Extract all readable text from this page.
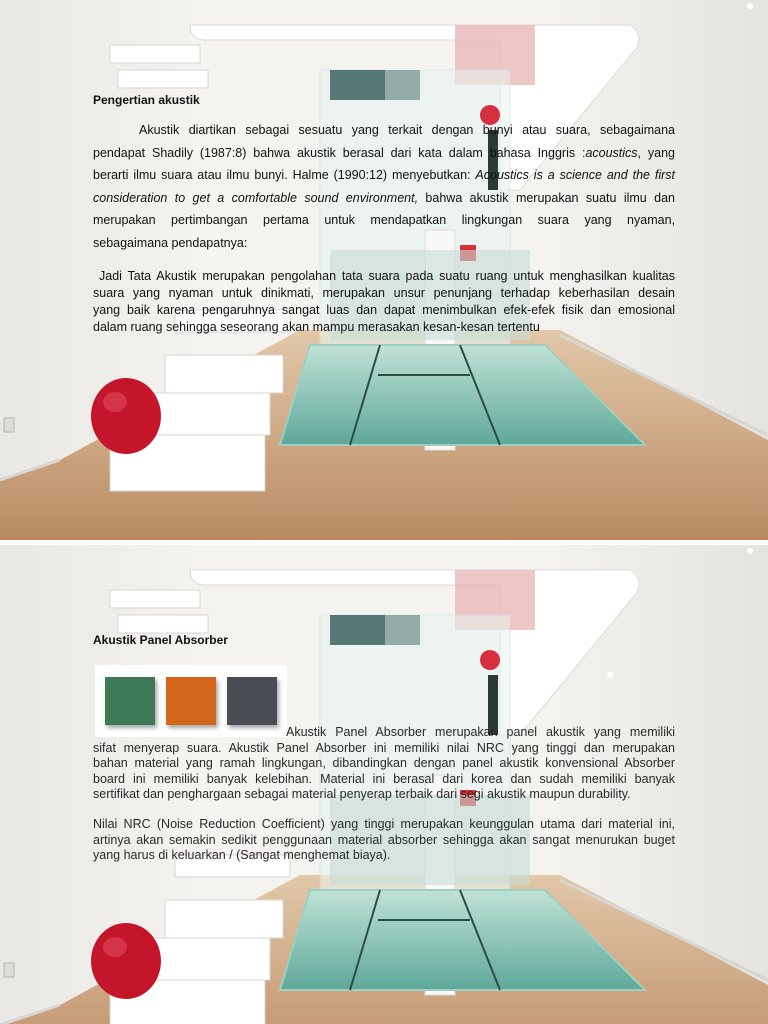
Pengertian akustik
Akustik diartikan sebagai sesuatu yang terkait dengan bunyi atau suara, sebagaimana
pendapat Shadily (1987:8) bahwa akustik berasal dari kata dalam bahasa Inggris :acoustics, yang
berarti ilmu suara atau ilmu bunyi. Halme (1990:12) menyebutkan: Acoustics is a science and the first
consideration to get a comfortable sound environment, bahwa akustik merupakan suatu ilmu dan
merupakan pertimbangan pertama untuk mendapatkan lingkungan suara yang nyaman,
sebagaimana pendapatnya:
Jadi Tata Akustik merupakan pengolahan tata suara pada suatu ruang untuk menghasilkan kualitas
suara yang nyaman untuk dinikmati, merupakan unsur penunjang terhadap keberhasilan desain
yang baik karena pengaruhnya sangat luas dan dapat menimbulkan efek-efek fisik dan emosional
dalam ruang sehingga seseorang akan mampu merasakan kesan-kesan tertentu
Akustik Panel Absorber
Akustik Panel Absorber merupakan panel akustik yang memiliki
sifat menyerap suara. Akustik Panel Absorber ini memiliki nilai NRC yang tinggi dan merupakan
bahan material yang ramah lingkungan, dibandingkan dengan panel akustik konvensional Absorber
board ini memiliki banyak kelebihan. Material ini berasal dari korea dan sudah memiliki banyak
sertifikat dan penghargaan sebagai material penyerap terbaik dari segi akustik maupun durability.
Nilai NRC (Noise Reduction Coefficient) yang tinggi merupakan keunggulan utama dari material ini,
artinya akan semakin sedikit penggunaan material absorber sehingga akan sangat menurukan buget
yang harus di keluarkan / (Sangat menghemat biaya).
